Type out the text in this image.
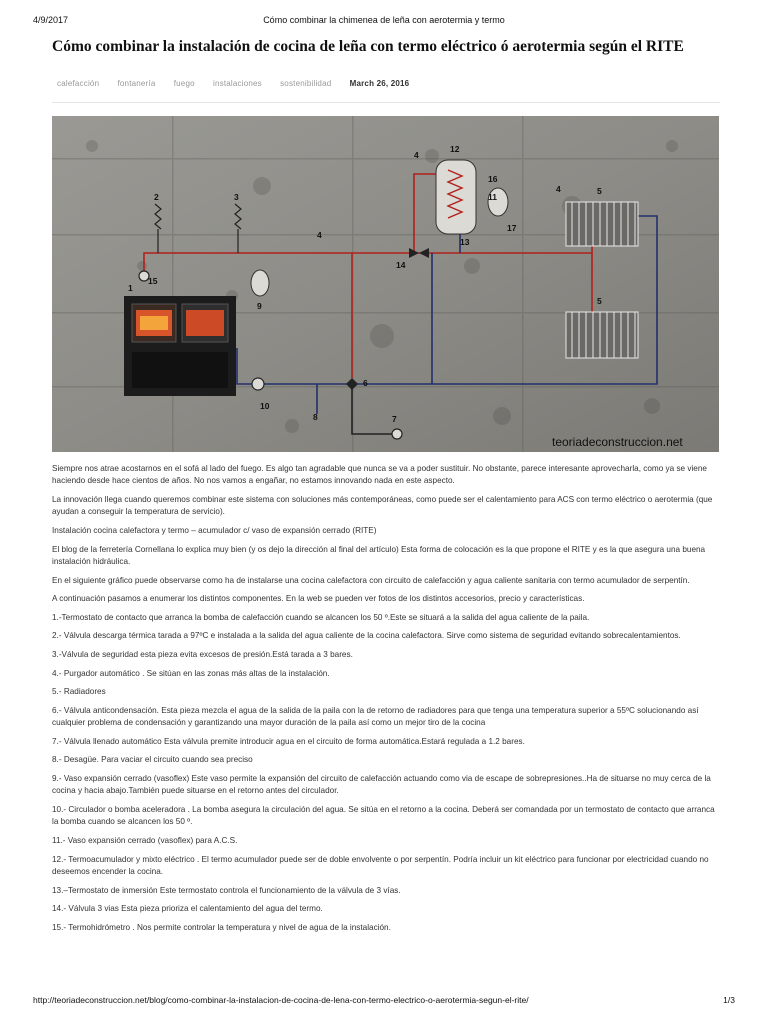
4/9/2017	Cómo combinar la chimenea de leña con aerotermia y termo
Cómo combinar la instalación de cocina de leña con termo eléctrico ó aerotermia según el RITE
calefacción fontanería fuego instalaciones sostenibilidad March 26, 2016
1
2	3
4
4
4	5
5
6
7
8
9
10
11
12
13
14
15
16
17
teoriadeconstruccion.net

Siempre nos atrae acostarnos en el sofá al lado del fuego. Es algo tan agradable que nunca se va a poder sustituir. No obstante, parece interesante aprovecharla, como ya se viene haciendo desde hace cientos de años. No nos vamos a engañar, no estamos innovando nada en este aspecto.

La innovación llega cuando queremos combinar este sistema con soluciones más contemporáneas, como puede ser el calentamiento para ACS con termo eléctrico o aerotermia (que ayudan a conseguir la temperatura de servicio).

Instalación cocina calefactora y termo – acumulador c/ vaso de expansión cerrado (RITE)

El blog de la ferretería Cornellana lo explica muy bien (y os dejo la dirección al final del artículo) Esta forma de colocación es la que propone el RITE y es la que asegura una buena instalación hidráulica.

En el siguiente gráfico puede observarse como ha de instalarse una cocina calefactora con circuito de calefacción y agua caliente sanitaria con termo acumulador de serpentín.

A continuación pasamos a enumerar los distintos componentes. En la web se pueden ver fotos de los distintos accesorios, precio y características.

1.-Termostato de contacto que arranca la bomba de calefacción cuando se alcancen los 50 º.Este se situará a la salida del agua caliente de la paila.

2.- Válvula descarga térmica tarada a 97ºC e instalada a la salida del agua caliente de la cocina calefactora. Sirve como sistema de seguridad evitando sobrecalentamientos.

3.-Válvula de seguridad esta pieza evita excesos de presión.Está tarada a 3 bares.

4.- Purgador automático . Se sitúan en las zonas más altas de la instalación.

5.- Radiadores

6.- Válvula anticondensación. Esta pieza mezcla el agua de la salida de la paila con la de retorno de radiadores para que tenga una temperatura superior a 55ºC solucionando así cualquier problema de condensación y garantizando una mayor duración de la paila así como un mejor tiro de la cocina

7.- Válvula llenado automático Esta válvula premite introducir agua en el circuito de forma automática.Estará regulada a 1.2 bares.

8.- Desagüe. Para vaciar el circuito cuando sea preciso

9.- Vaso expansión cerrado (vasoflex) Este vaso permite la expansión del circuito de calefacción actuando como via de escape de sobrepresiones..Ha de situarse no muy cerca de la cocina y hacia abajo.También puede situarse en el retorno antes del circulador.

10.- Circulador o bomba aceleradora . La bomba asegura la circulación del agua. Se sitúa en el retorno a la cocina. Deberá ser comandada por un termostato de contacto que arranca la bomba cuando se alcancen los 50 º.

11.- Vaso expansión cerrado (vasoflex) para A.C.S.

12.- Termoacumulador y mixto eléctrico . El termo acumulador puede ser de doble envolvente o por serpentín. Podría incluir un kit eléctrico para funcionar por electricidad cuando no deseemos encender la cocina.

13.–Termostato de inmersión Este termostato controla el funcionamiento de la válvula de 3 vías.

14.- Válvula 3 vias Esta pieza prioriza el calentamiento del agua del termo.

15.- Termohidrómetro . Nos permite controlar la temperatura y nivel de agua de la instalación.

http://teoriadeconstruccion.net/blog/como-combinar-la-instalacion-de-cocina-de-lena-con-termo-electrico-o-aerotermia-segun-el-rite/	1/3
